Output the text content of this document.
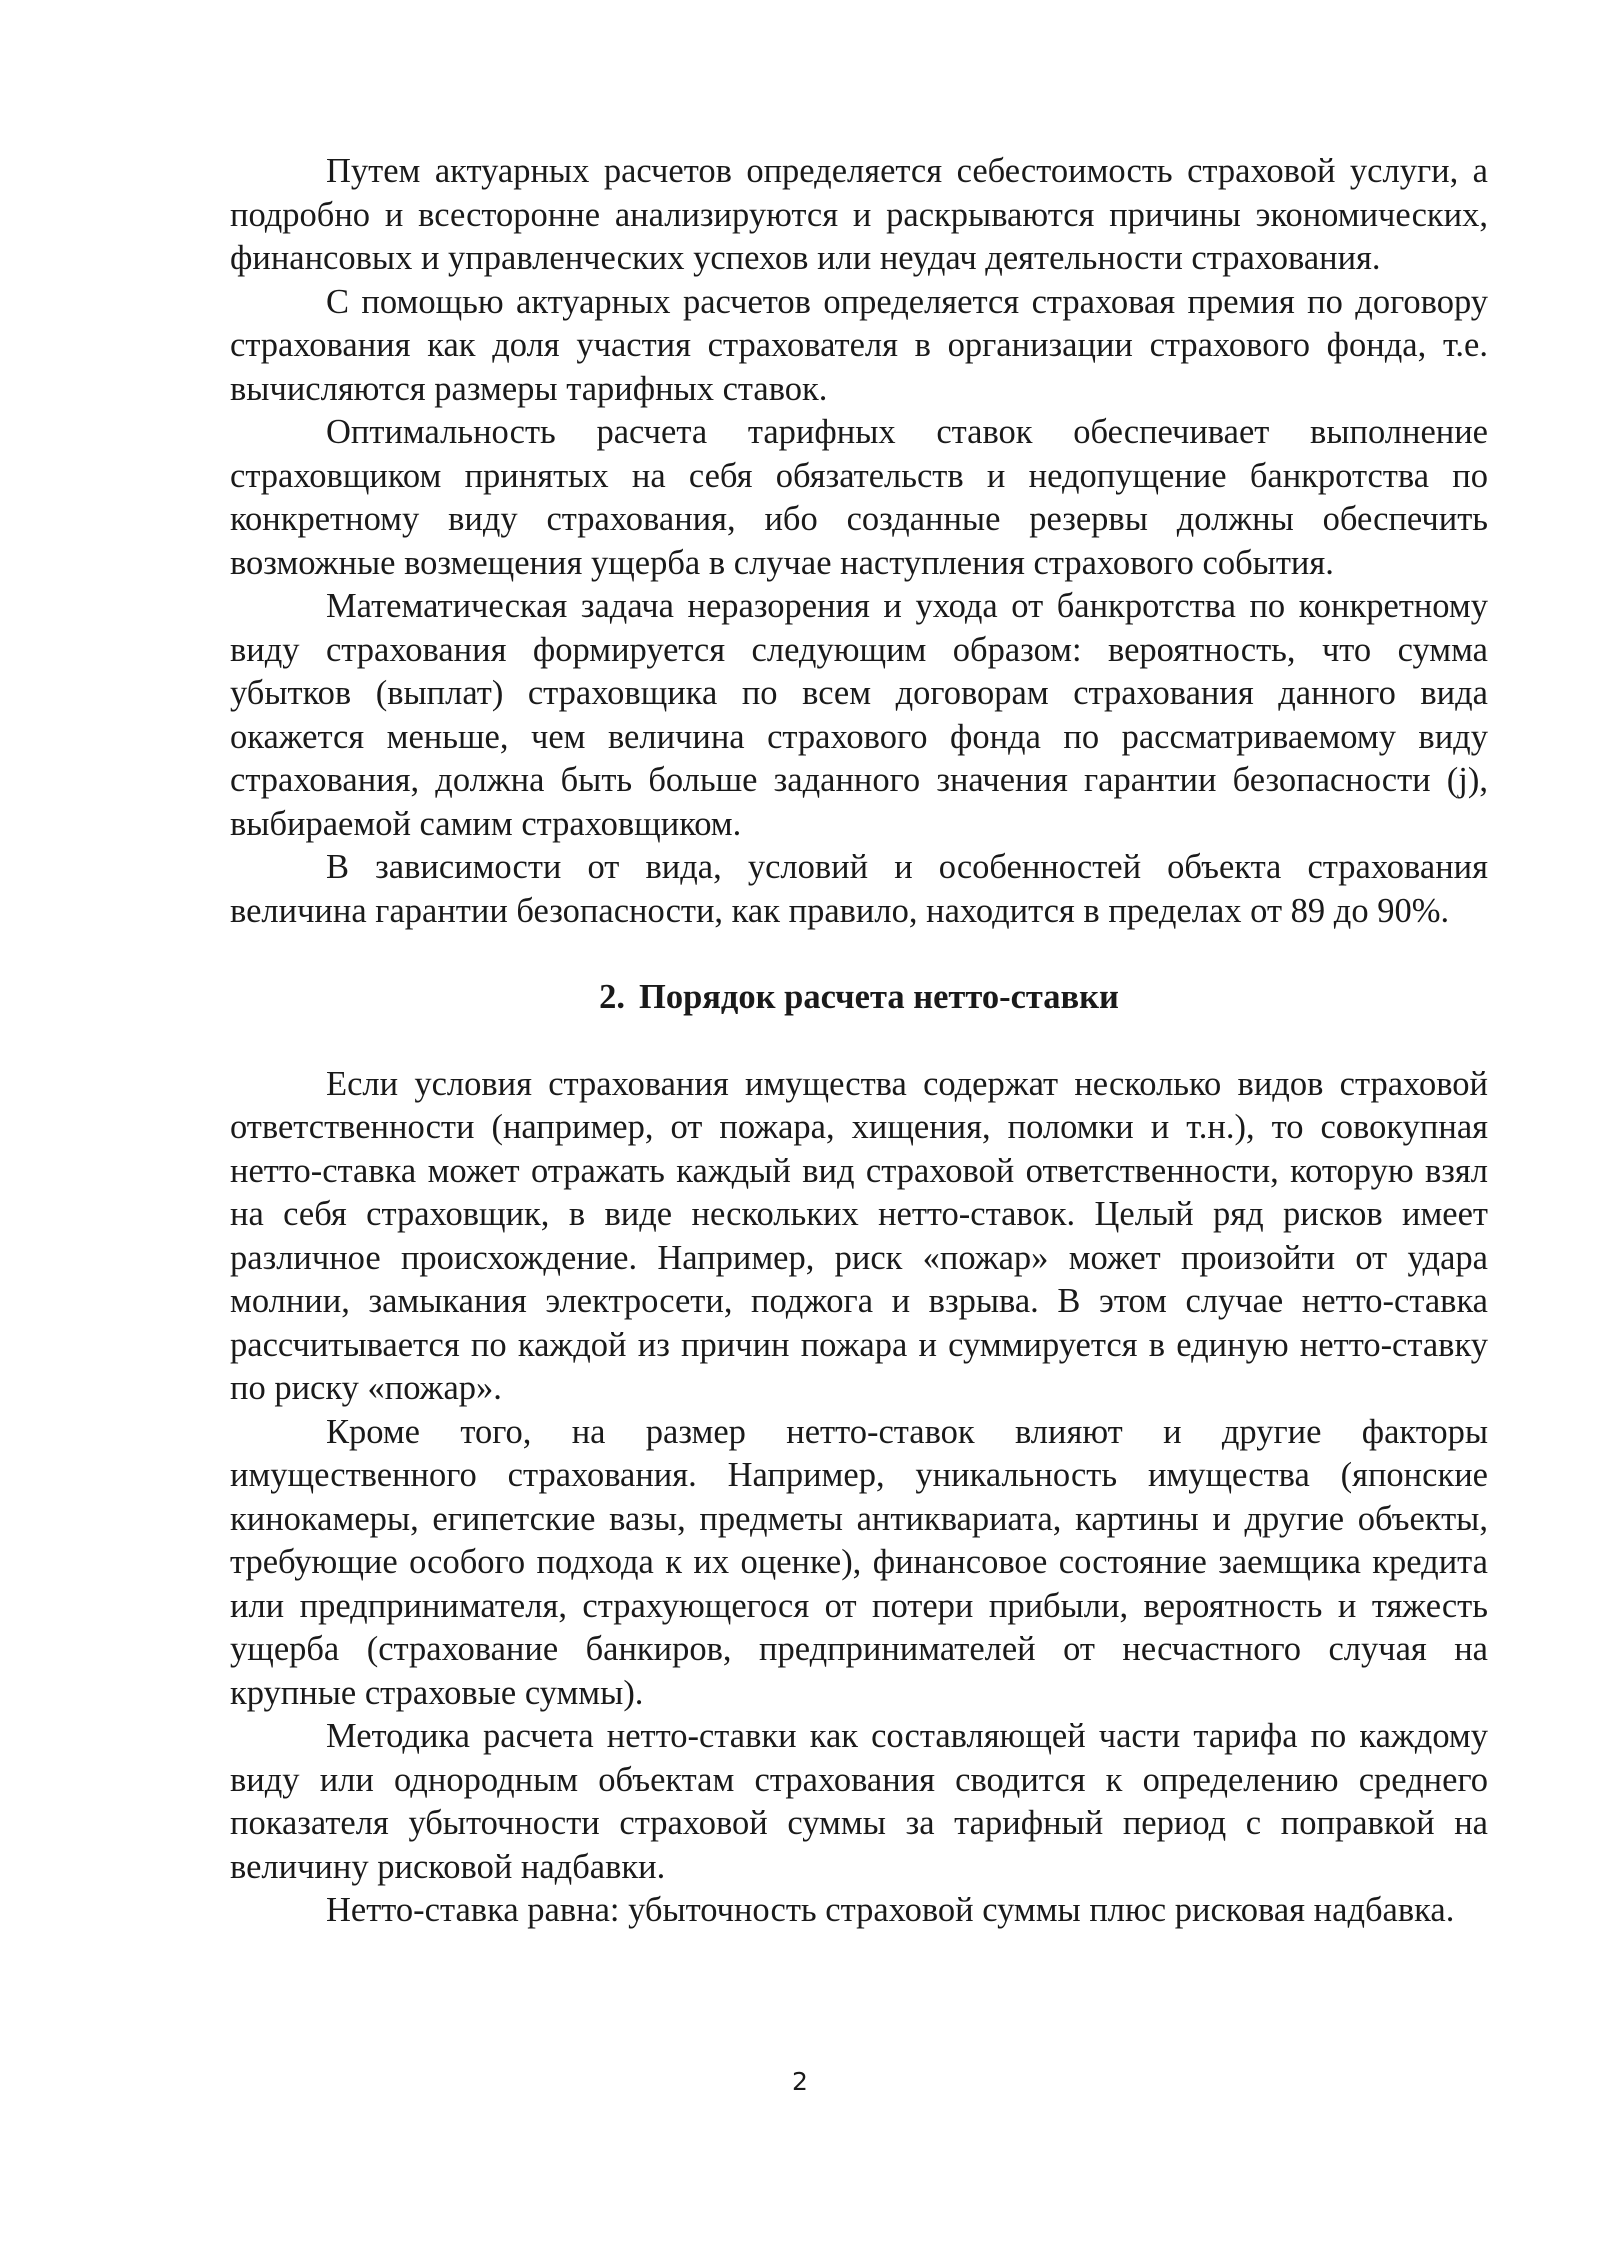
Путем актуарных расчетов определяется себестоимость страховой услуги, а подробно и всесторонне анализируются и раскрываются причины экономических, финансовых и управленческих успехов или неудач деятельности страхования.

С помощью актуарных расчетов определяется страховая премия по договору страхования как доля участия страхователя в организации страхового фонда, т.е. вычисляются размеры тарифных ставок.

Оптимальность расчета тарифных ставок обеспечивает выполнение страховщиком принятых на себя обязательств и недопущение банкротства по конкретному виду страхования, ибо созданные резервы должны обеспечить возможные возмещения ущерба в случае наступления страхового события.

Математическая задача неразорения и ухода от банкротства по конкретному виду страхования формируется следующим образом: вероятность, что сумма убытков (выплат) страховщика по всем договорам страхования данного вида окажется меньше, чем величина страхового фонда по рассматриваемому виду страхования, должна быть больше заданного значения гарантии безопасности (j), выбираемой самим страховщиком.

В зависимости от вида, условий и особенностей объекта страхования величина гарантии безопасности, как правило, находится в пределах от 89 до 90%.

2. Порядок расчета нетто-ставки

Если условия страхования имущества содержат несколько видов страховой ответственности (например, от пожара, хищения, поломки и т.н.), то совокупная нетто-ставка может отражать каждый вид страховой ответственности, которую взял на себя страховщик, в виде нескольких нетто-ставок. Целый ряд рисков имеет различное происхождение. Например, риск «пожар» может произойти от удара молнии, замыкания электросети, поджога и взрыва. В этом случае нетто-ставка рассчитывается по каждой из причин пожара и суммируется в единую нетто-ставку по риску «пожар».

Кроме того, на размер нетто-ставок влияют и другие факторы имущественного страхования. Например, уникальность имущества (японские кинокамеры, египетские вазы, предметы антиквариата, картины и другие объекты, требующие особого подхода к их оценке), финансовое состояние заемщика кредита или предпринимателя, страхующегося от потери прибыли, вероятность и тяжесть ущерба (страхование банкиров, предпринимателей от несчастного случая на крупные страховые суммы).

Методика расчета нетто-ставки как составляющей части тарифа по каждому виду или однородным объектам страхования сводится к определению среднего показателя убыточности страховой суммы за тарифный период с поправкой на величину рисковой надбавки.

Нетто-ставка равна: убыточность страховой суммы плюс рисковая надбавка.

2
